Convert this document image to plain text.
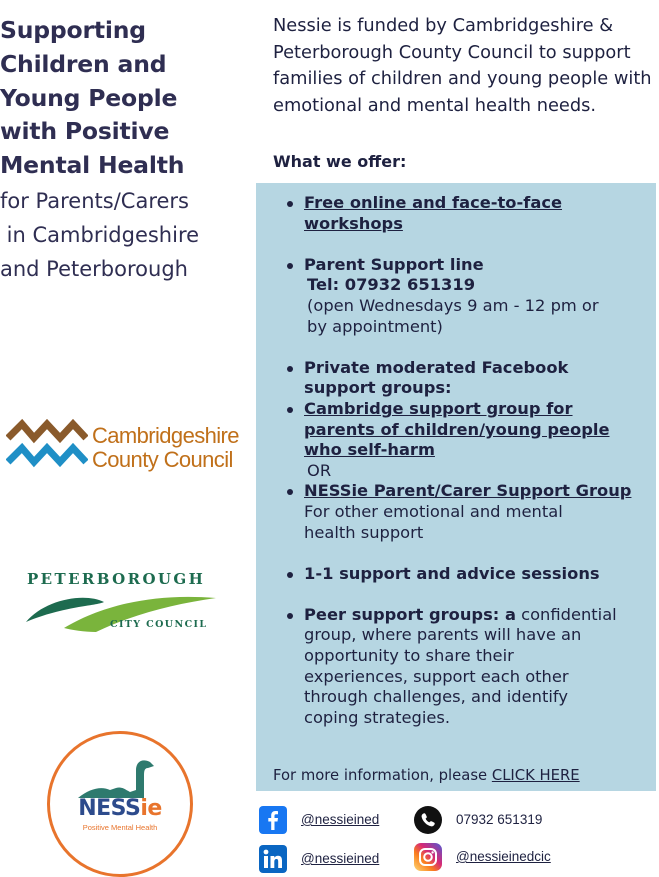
Supporting
Children and
Young People
with Positive
Mental Health

for Parents/Carers
in Cambridgeshire
and Peterborough

Cambridgeshire
County Council
PETERBOROUGH
CITY COUNCIL
NESSie
Positive Mental Health

Nessie is funded by Cambridgeshire & Peterborough County Council to support families of children and young people with emotional and mental health needs.

What we offer:

Free online and face-to-face
workshops
Parent Support line
Tel: 07932 651319
(open Wednesdays 9 am - 12 pm or
by appointment)
Private moderated Facebook
support groups:
Cambridge support group for
parents of children/young people
who self-harm
OR
NESSie Parent/Carer Support Group
For other emotional and mental
health support
1-1 support and advice sessions
Peer support groups: a confidential
group, where parents will have an
opportunity to share their
experiences, support each other
through challenges, and identify
coping strategies.

For more information, please CLICK HERE

@nessieined	07932 651319
@nessieined	@nessieinedcic
